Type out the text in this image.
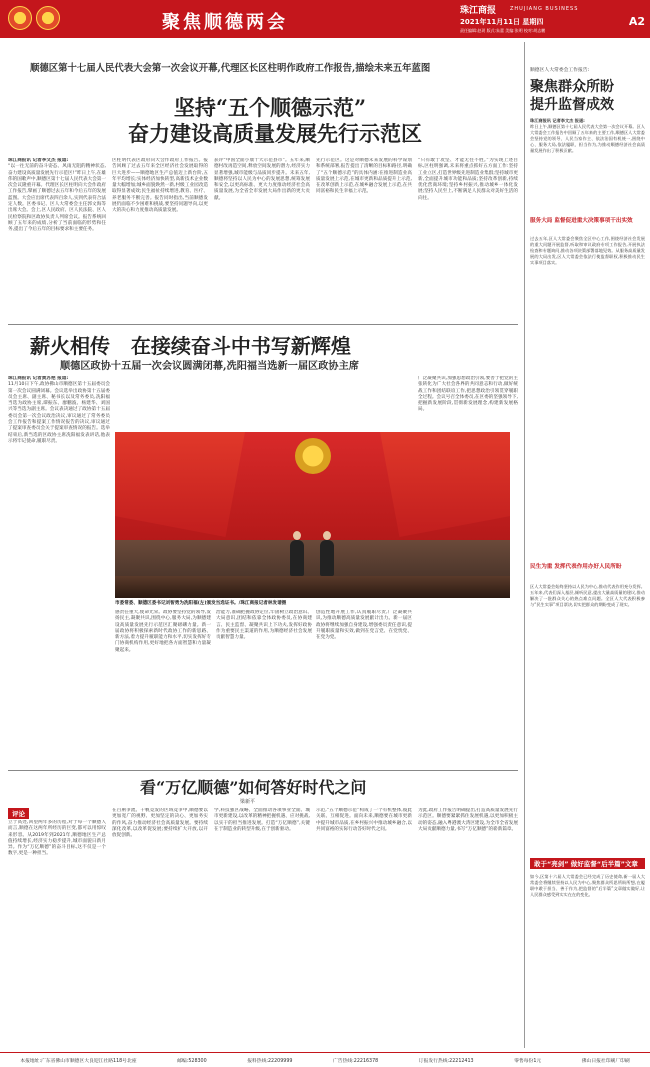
聚焦顺德两会
珠江商报	ZHUJIANG BUSINESS
2021年11月11日 星期四	A2
责任编辑:赵玥 版式:朱蕾 美编:张明 校对:胡志鹏
顺德区第十七届人民代表大会第一次会议开幕,代理区长区柱明作政府工作报告,描绘未来五年蓝图
坚持“五个顺德示范”
奋力建设高质量发展先行示范区
珠江商报讯 记者李文杰 报道:
“以一往无前的奋斗姿态、风雨无阻的精神状态,奋力建设高质量发展先行示范区!”昨日上午,在雄伟的国歌声中,顺德区第十七届人民代表大会第一次会议隆重开幕。代理区长区柱明向大会作政府工作报告,擘画了顺德过去五年和今后五年的发展蓝图。大会应出席代表四百余人,实到代表符合法定人数。区委书记、区人大常委会主任郭文海等出席大会。会上,区人民政府、区人民法院、区人民检察院和区政协负责人列席会议。报告系统回顾了五年来的成绩,分析了当前面临的形势和任务,提出了今后五年的目标要求和主要任务。
区柱明代表区政府向大会作政府工作报告。报告回顾了过去五年来全区经济社会发展取得的巨大进步——顺德地区生产总值迈上新台阶,五年平均增长;实体经济加快转型,高新技术企业数量大幅增加;城乡面貌焕然一新,村级工业园改造取得显著成效;民生福祉持续增进,教育、医疗、养老服务不断完善。报告同时指出,当前顺德发展仍面临不少困难和挑战,要坚持问题导向,以更大的决心和力度推动高质量发展。
获评“中国全面小康十大示范县市”。五年来,顺德村改再造空间,释放空间发展的潜力,经济实力显著增强,城市能级与品质同步提升。未来五年,顺德将坚持以人民为中心的发展思想,统筹发展和安全,以更高标准、更大力度推动经济社会高质量发展,为全省全市发展大局作出新的更大贡献。
先行示范区。这是对顺德未来发展的科学谋划和系统部署,报告提出了清晰的目标和路径,明确了“五个顺德示范”的具体内涵:在推进制造业高质量发展上示范,在城市更新和品质提升上示范,在改革创新上示范,在城乡融合发展上示范,在共同富裕和民生幸福上示范。
“只有敢于攻坚、才能无往不胜。”为实现上述目标,区柱明强调,未来将重点抓好五方面工作:坚持工业立区,打造世界级先进制造业集群;坚持城市更新,全面提升城市功能和品质;坚持改革创新,持续优化营商环境;坚持乡村振兴,推动城乡一体化发展;坚持人民至上,不断满足人民群众对美好生活的向往。
薪火相传   在接续奋斗中书写新辉煌
顺德区政协十五届一次会议圆满闭幕,冼阳福当选新一届区政协主席
珠江商报讯 记者黄苏艳 报道:
11月10日下午,政协佛山市顺德区第十五届委员会第一次会议圆满闭幕。会议选举出政协第十五届委员会主席、副主席、秘书长以及常务委员,冼阳福当选为政协主席,谭振东、廖鹏波、杨建华、刘国兴等当选为副主席。会议表决通过了政协第十五届委员会第一次会议政治决议,审议通过了常务委员会工作报告和提案工作情况报告的决议,审议通过了提案审查委员会关于提案审查情况的报告。选举结束后,新当选的区政协主席冼阳福发表讲话,他表示将牢记使命,履职尽责。
市委常委、顺德区委书记刘智勇为冼阳福(左)颁发当选证书。/珠江商报记者林发谐摄
感责任重大,使命光荣。政协要坚持党的领导,发扬民主,凝聚共识,围绕中心,服务大局,为顺德建设高质量发展先行示范区汇聚磅礴力量。新一届政协将积极探索新时代政协工作的新思路、新方法,着力提升履职能力和水平,切实发挥好专门协商机构作用,更好地把各方面智慧和力量凝聚起来。
治能力,准确把握政协定位,牢固树立政治意识、大局意识,团结和依靠全体政协委员,在协商建言、民主监督、凝聚共识上下功夫,发挥好政协作为重要民主渠道的作用,为顺德经济社会发展贡献智慧力量。
创造性地开展工作,认真履职尽责,广泛凝聚共识,为推动顺德高质量发展献计出力。新一届区政协将继续加强自身建设,增强委员责任意识,提升履职质量和实效,做到在党言党、在党忧党、在党为党。
广泛凝聚共识,加强思想政治引领,要善于把党的主张转化为广大社会各界的共同意志和行动,做好统战工作和团结联谊工作,把思想政治引领贯穿履职全过程。会议号召全体委员,在区委的坚强领导下,把握新发展阶段,贯彻新发展理念,构建新发展格局。
看“万亿顺德”如何答好时代之问
梁新平
评论
立于高处,回望两年多的历程,对于每一个顺德人而言,顺德在这两年所经历的巨变,都可以用惊叹来形容。从2019年到2021年,顺德地区生产总值持续增长,经济实力稳步提升,城市面貌日新月异。作为“万亿顺德”的奋斗目标,这不仅是一个数字,更是一种担当。
在百舸争流、千帆竞发的区域竞争中,顺德要以更加宽广的视野、更加坚定的决心、更加务实的作风,奋力推动经济社会高质量发展。要持续深化改革,以改革促发展;要持续扩大开放,以开放促创新。
学,科技强区战略、全面推动各项事业全面、城市更新建设,以改革的精神把握机遇、应对挑战,以实干的担当推进发展。打造“万亿顺德”,关键在于制造业的转型升级,在于创新驱动。
示范,“五个顺德示范”构成了一个有机整体,彼此关联、互相促进。面向未来,顺德要在城市更新中提升城市品质,在乡村振兴中推动城乡融合,以共同富裕的实际行动答好时代之问。
为此,政府工作报告明确提出,打造高质量发展先行示范区。顺德要紧紧抓住发展机遇,以更加积极主动的姿态,融入粤港澳大湾区建设,为全市全省发展大局贡献顺德力量,书写“万亿顺德”的崭新篇章。
顺德区人大常委会工作报告:
聚焦群众所盼
提升监督成效
珠江商报讯 记者李文杰 报道:
昨日上午,顺德区第十七届人民代表大会第一次会议开幕。区人大常委会工作报告中回顾了五年来的主要工作,顺德区人大常委会坚持党的领导、人民当家作主、依法治国有机统一,围绕中心、服务大局,依法履职、担当作为,为推动顺德经济社会高质量发展作出了积极贡献。
服务大局 监督促进重大决策事项干出实效
过去五年,区人大常委会聚焦全区中心工作,围绕经济社会发展的重大问题开展监督,听取和审议政府专项工作报告,开展执法检查和专题询问,推动各项决策部署落地见效。从服务高质量发展的大局出发,区人大常委会依法行使监督职权,积极推动民生实事项目落实。
民生为重 发挥代表作用办好人民所盼
区人大常委会始终坚持以人民为中心,推动代表作用充分发挥。五年来,代表们深入基层,倾听民意,提出大量高质量的建议,推动解决了一批群众关心的热点难点问题。全区人大代表积极参与“民生实事”项目票决,切实把群众的期盼变成了现实。
敢于“亮剑” 做好监督“后半篇”文章
如今,区第十六届人大常委会已经完成了历史使命,新一届人大常委会将继续坚持以人民为中心,聚焦群众所思所盼所想,在履职中敢于担当、善于作为,把监督的“后半篇”文章做实做好,让人民群众感受到实实在在的变化。
本报地址:广东省佛山市顺德区大良迎江社路118号北座	邮编:528300	报料热线:22209999	广告热线:22216378	订报发行热线:22212413	零售每份1元	佛山日报社印刷厂印刷
